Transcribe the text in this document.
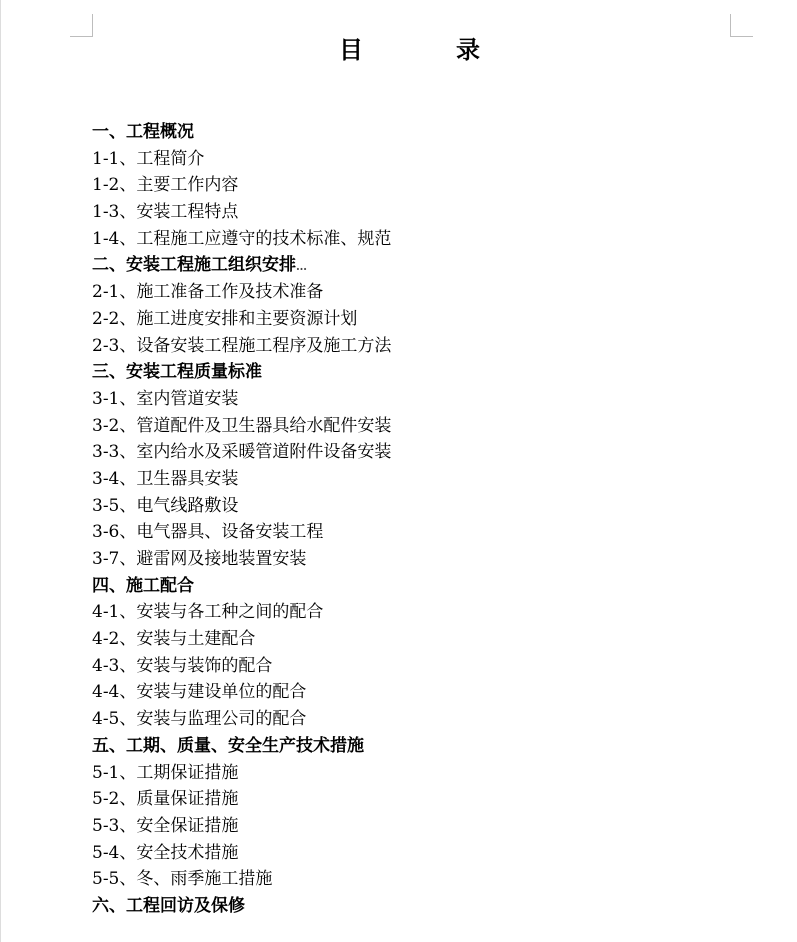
目	录
一、工程概况
1-1、工程简介
1-2、主要工作内容
1-3、安装工程特点
1-4、工程施工应遵守的技术标准、规范
二、安装工程施工组织安排…
2-1、施工准备工作及技术准备
2-2、施工进度安排和主要资源计划
2-3、设备安装工程施工程序及施工方法
三、安装工程质量标准
3-1、室内管道安装
3-2、管道配件及卫生器具给水配件安装
3-3、室内给水及采暖管道附件设备安装
3-4、卫生器具安装
3-5、电气线路敷设
3-6、电气器具、设备安装工程
3-7、避雷网及接地装置安装
四、施工配合
4-1、安装与各工种之间的配合
4-2、安装与土建配合
4-3、安装与装饰的配合
4-4、安装与建设单位的配合
4-5、安装与监理公司的配合
五、工期、质量、安全生产技术措施
5-1、工期保证措施
5-2、质量保证措施
5-3、安全保证措施
5-4、安全技术措施
5-5、冬、雨季施工措施
六、工程回访及保修
